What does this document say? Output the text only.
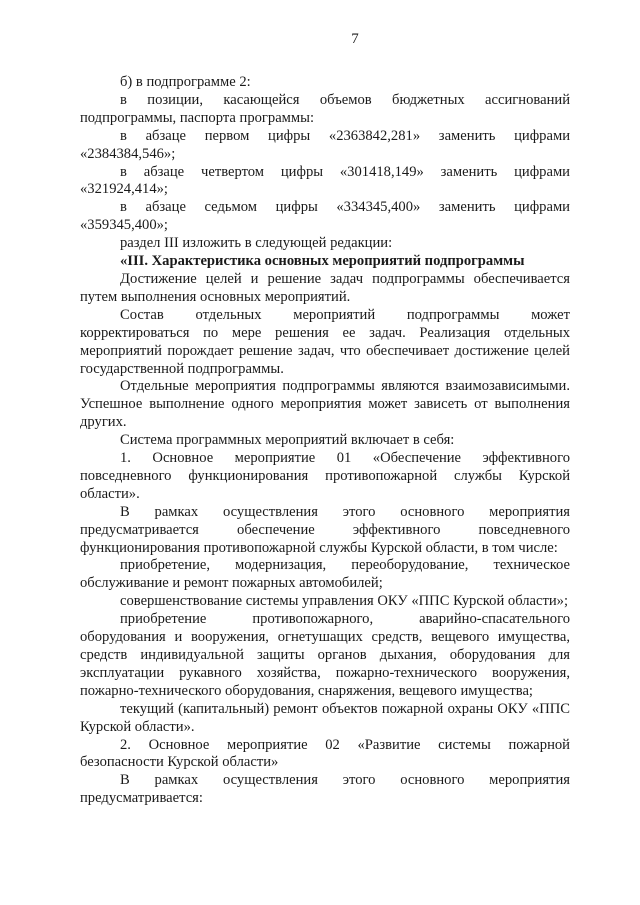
7

б) в подпрограмме 2:

в позиции, касающейся объемов бюджетных ассигнований подпрограммы, паспорта программы:

в абзаце первом цифры «2363842,281» заменить цифрами «2384384,546»;

в абзаце четвертом цифры «301418,149» заменить цифрами «321924,414»;

в абзаце седьмом цифры «334345,400» заменить цифрами «359345,400»;

раздел III изложить в следующей редакции:

«III. Характеристика основных мероприятий подпрограммы

Достижение целей и решение задач подпрограммы обеспечивается путем выполнения основных мероприятий.

Состав отдельных мероприятий подпрограммы может корректироваться по мере решения ее задач. Реализация отдельных мероприятий порождает решение задач, что обеспечивает достижение целей государственной подпрограммы.

Отдельные мероприятия подпрограммы являются взаимозависимыми. Успешное выполнение одного мероприятия может зависеть от выполнения других.

Система программных мероприятий включает в себя:

1. Основное мероприятие 01 «Обеспечение эффективного повседневного функционирования противопожарной службы Курской области».

В рамках осуществления этого основного мероприятия предусматривается обеспечение эффективного повседневного функционирования противопожарной службы Курской области, в том числе:

приобретение, модернизация, переоборудование, техническое обслуживание и ремонт пожарных автомобилей;

совершенствование системы управления ОКУ «ППС Курской области»;

приобретение противопожарного, аварийно-спасательного оборудования и вооружения, огнетушащих средств, вещевого имущества, средств индивидуальной защиты органов дыхания, оборудования для эксплуатации рукавного хозяйства, пожарно-технического вооружения, пожарно-технического оборудования, снаряжения, вещевого имущества;

текущий (капитальный) ремонт объектов пожарной охраны ОКУ «ППС Курской области».

2. Основное мероприятие 02 «Развитие системы пожарной безопасности Курской области»

В рамках осуществления этого основного мероприятия предусматривается:
